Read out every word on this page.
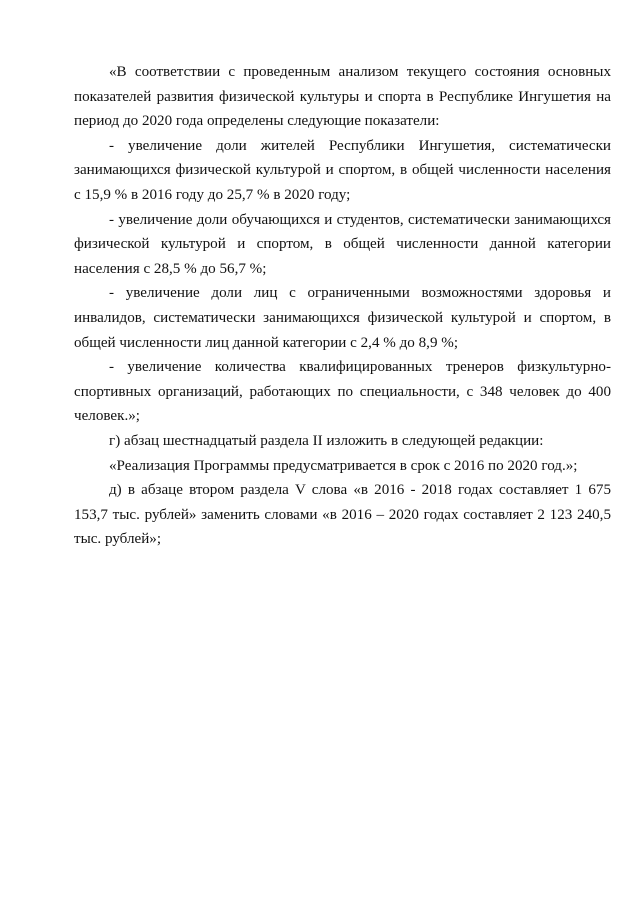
«В соответствии с проведенным анализом текущего состояния основных показателей развития физической культуры и спорта в Республике Ингушетия на период до 2020 года определены следующие показатели:

- увеличение доли жителей Республики Ингушетия, систематически занимающихся физической культурой и спортом, в общей численности населения с 15,9 % в 2016 году до 25,7 % в 2020 году;

- увеличение доли обучающихся и студентов, систематически занимающихся физической культурой и спортом, в общей численности данной категории населения с 28,5 % до 56,7 %;

- увеличение доли лиц с ограниченными возможностями здоровья и инвалидов, систематически занимающихся физической культурой и спортом, в общей численности лиц данной категории с 2,4 % до 8,9 %;

- увеличение количества квалифицированных тренеров физкультурно-спортивных организаций, работающих по специальности, с 348 человек до 400 человек.»;

г) абзац шестнадцатый раздела II изложить в следующей редакции:

«Реализация Программы предусматривается в срок с 2016 по 2020 год.»;

д) в абзаце втором раздела V слова «в 2016 - 2018 годах составляет 1 675 153,7 тыс. рублей» заменить словами «в 2016 – 2020 годах составляет 2 123 240,5 тыс. рублей»;
